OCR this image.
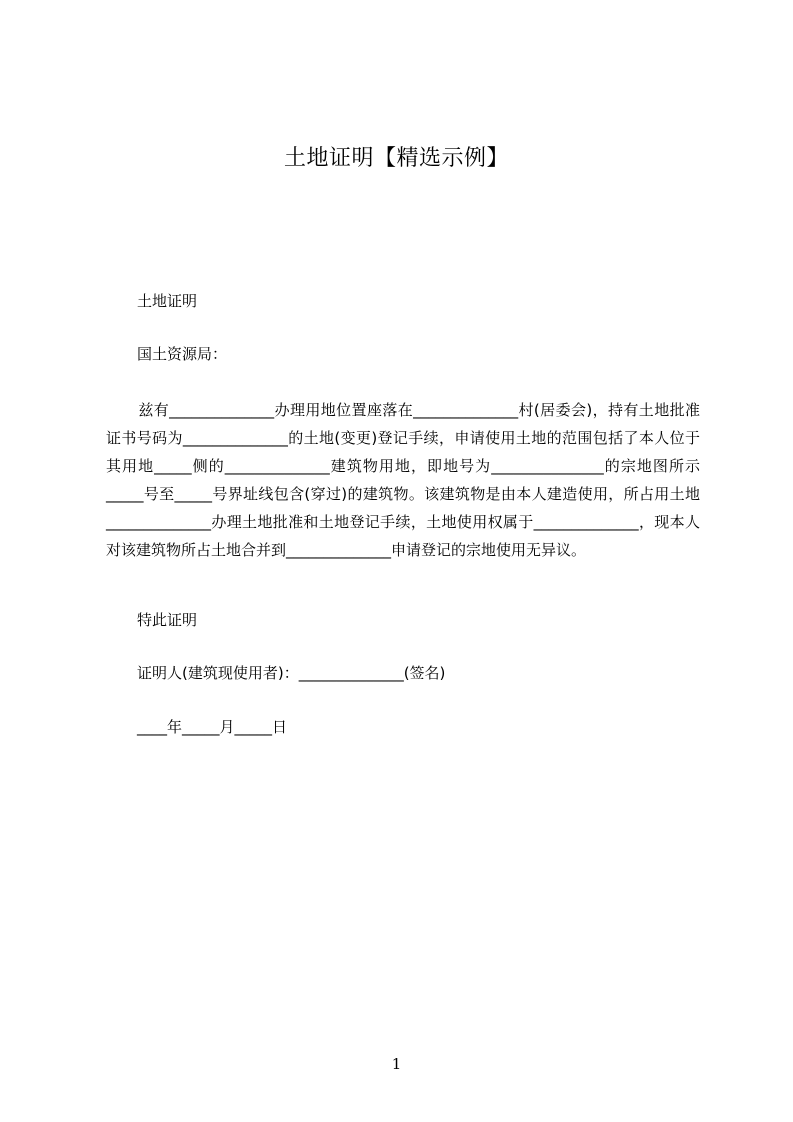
土地证明【精选示例】
土地证明
国土资源局：
兹有______________办理用地位置座落在______________村(居委会)，持有土地批准证书号码为______________的土地(变更)登记手续，申请使用土地的范围包括了本人位于其用地_____侧的______________建筑物用地，即地号为_______________的宗地图所示_____号至_____号界址线包含(穿过)的建筑物。该建筑物是由本人建造使用，所占用土地______________办理土地批准和土地登记手续，土地使用权属于______________，现本人对该建筑物所占土地合并到______________申请登记的宗地使用无异议。
特此证明
证明人(建筑现使用者)：______________(签名)
____年_____月_____日
1
